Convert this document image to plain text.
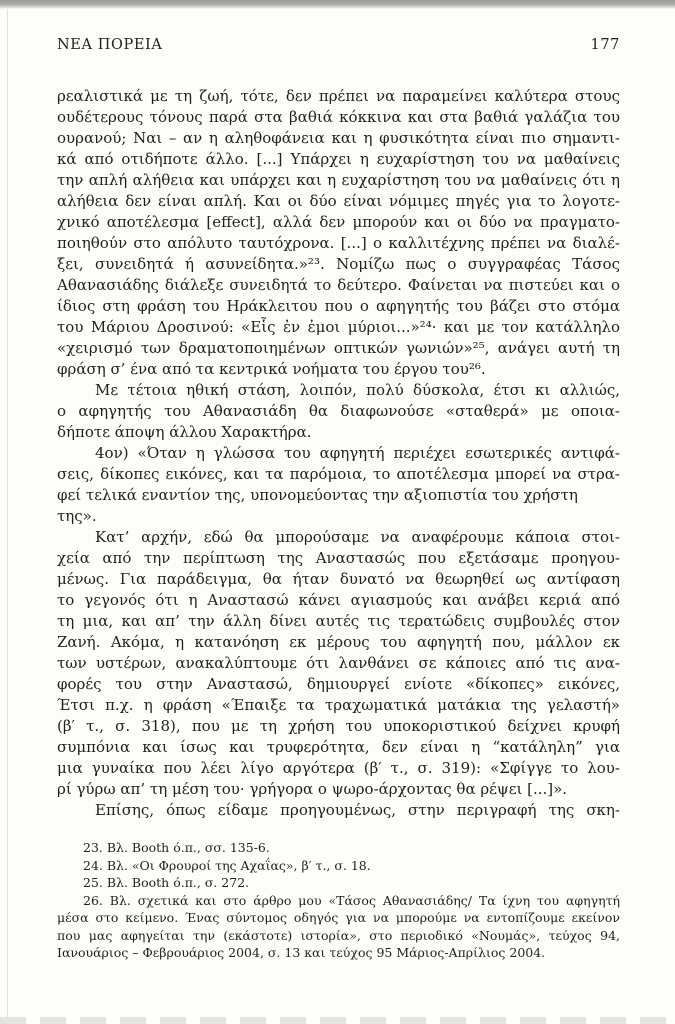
ΝΕΑ ΠΟΡΕΙΑ	177
ρεαλιστικά με τη ζωή, τότε, δεν πρέπει να παραμείνει καλύτερα στους
ουδέτερους τόνους παρά στα βαθιά κόκκινα και στα βαθιά γαλάζια του
ουρανού; Ναι – αν η αληθοφάνεια και η φυσικότητα είναι πιο σημαντι-
κά από οτιδήποτε άλλο. [...] Υπάρχει η ευχαρίστηση του να μαθαίνεις
την απλή αλήθεια και υπάρχει και η ευχαρίστηση του να μαθαίνεις ότι η
αλήθεια δεν είναι απλή. Και οι δύο είναι νόμιμες πηγές για το λογοτε-
χνικό αποτέλεσμα [effect], αλλά δεν μπορούν και οι δύο να πραγματο-
ποιηθούν στο απόλυτο ταυτόχρονα. [...] ο καλλιτέχνης πρέπει να διαλέ-
ξει, συνειδητά ή ασυνείδητα.»²³. Νομίζω πως ο συγγραφέας Τάσος
Αθανασιάδης διάλεξε συνειδητά το δεύτερο. Φαίνεται να πιστεύει και ο
ίδιος στη φράση του Ηράκλειτου που ο αφηγητής του βάζει στο στόμα
του Μάριου Δροσινού: «Εἷς ἐν ἐμοι μύριοι...»²⁴· και με τον κατάλληλο
«χειρισμό των δραματοποιημένων οπτικών γωνιών»²⁵, ανάγει αυτή τη
φράση σ’ ένα από τα κεντρικά νοήματα του έργου του²⁶.
Με τέτοια ηθική στάση, λοιπόν, πολύ δύσκολα, έτσι κι αλλιώς,
ο αφηγητής του Αθανασιάδη θα διαφωνούσε «σταθερά» με οποια-
δήποτε άποψη άλλου Χαρακτήρα.
4ον) «Όταν η γλώσσα του αφηγητή περιέχει εσωτερικές αντιφά-
σεις, δίκοπες εικόνες, και τα παρόμοια, το αποτέλεσμα μπορεί να στρα-
φεί τελικά εναντίον της, υπονομεύοντας την αξιοπιστία του χρήστη της».
Κατ’ αρχήν, εδώ θα μπορούσαμε να αναφέρουμε κάποια στοι-
χεία από την περίπτωση της Αναστασώς που εξετάσαμε προηγου-
μένως. Για παράδειγμα, θα ήταν δυνατό να θεωρηθεί ως αντίφαση
το γεγονός ότι η Αναστασώ κάνει αγιασμούς και ανάβει κεριά από
τη μια, και απ’ την άλλη δίνει αυτές τις τερατώδεις συμβουλές στον
Ζανή. Ακόμα, η κατανόηση εκ μέρους του αφηγητή που, μάλλον εκ
των υστέρων, ανακαλύπτουμε ότι λανθάνει σε κάποιες από τις ανα-
φορές του στην Αναστασώ, δημιουργεί ενίοτε «δίκοπες» εικόνες,
Έτσι π.χ. η φράση «Έπαιξε τα τραχωματικά ματάκια της γελαστή»
(β′ τ., σ. 318), που με τη χρήση του υποκοριστικού δείχνει κρυφή
συμπόνια και ίσως και τρυφερότητα, δεν είναι η “κατάληλη” για
μια γυναίκα που λέει λίγο αργότερα (β′ τ., σ. 319): «Σφίγγε το λου-
ρί γύρω απ’ τη μέση του· γρήγορα ο ψωρο-άρχοντας θα ρέψει [...]».
Επίσης, όπως είδαμε προηγουμένως, στην περιγραφή της σκη-
23. Βλ. Booth ό.π., σσ. 135-6.
24. Βλ. «Οι Φρουροί της Αχαΐας», β′ τ., σ. 18.
25. Βλ. Booth ό.π., σ. 272.
26. Βλ. σχετικά και στο άρθρο μου «Τάσος Αθανασιάδης/ Τα ίχνη του αφηγητή
μέσα στο κείμενο. Ένας σύντομος οδηγός για να μπορούμε να εντοπίζουμε εκείνον
που μας αφηγείται την (εκάστοτε) ιστορία», στο περιοδικό «Νουμάς», τεύχος 94,
Ιανουάριος – Φεβρουάριος 2004, σ. 13 και τεύχος 95 Μάριος-Απρίλιος 2004.
